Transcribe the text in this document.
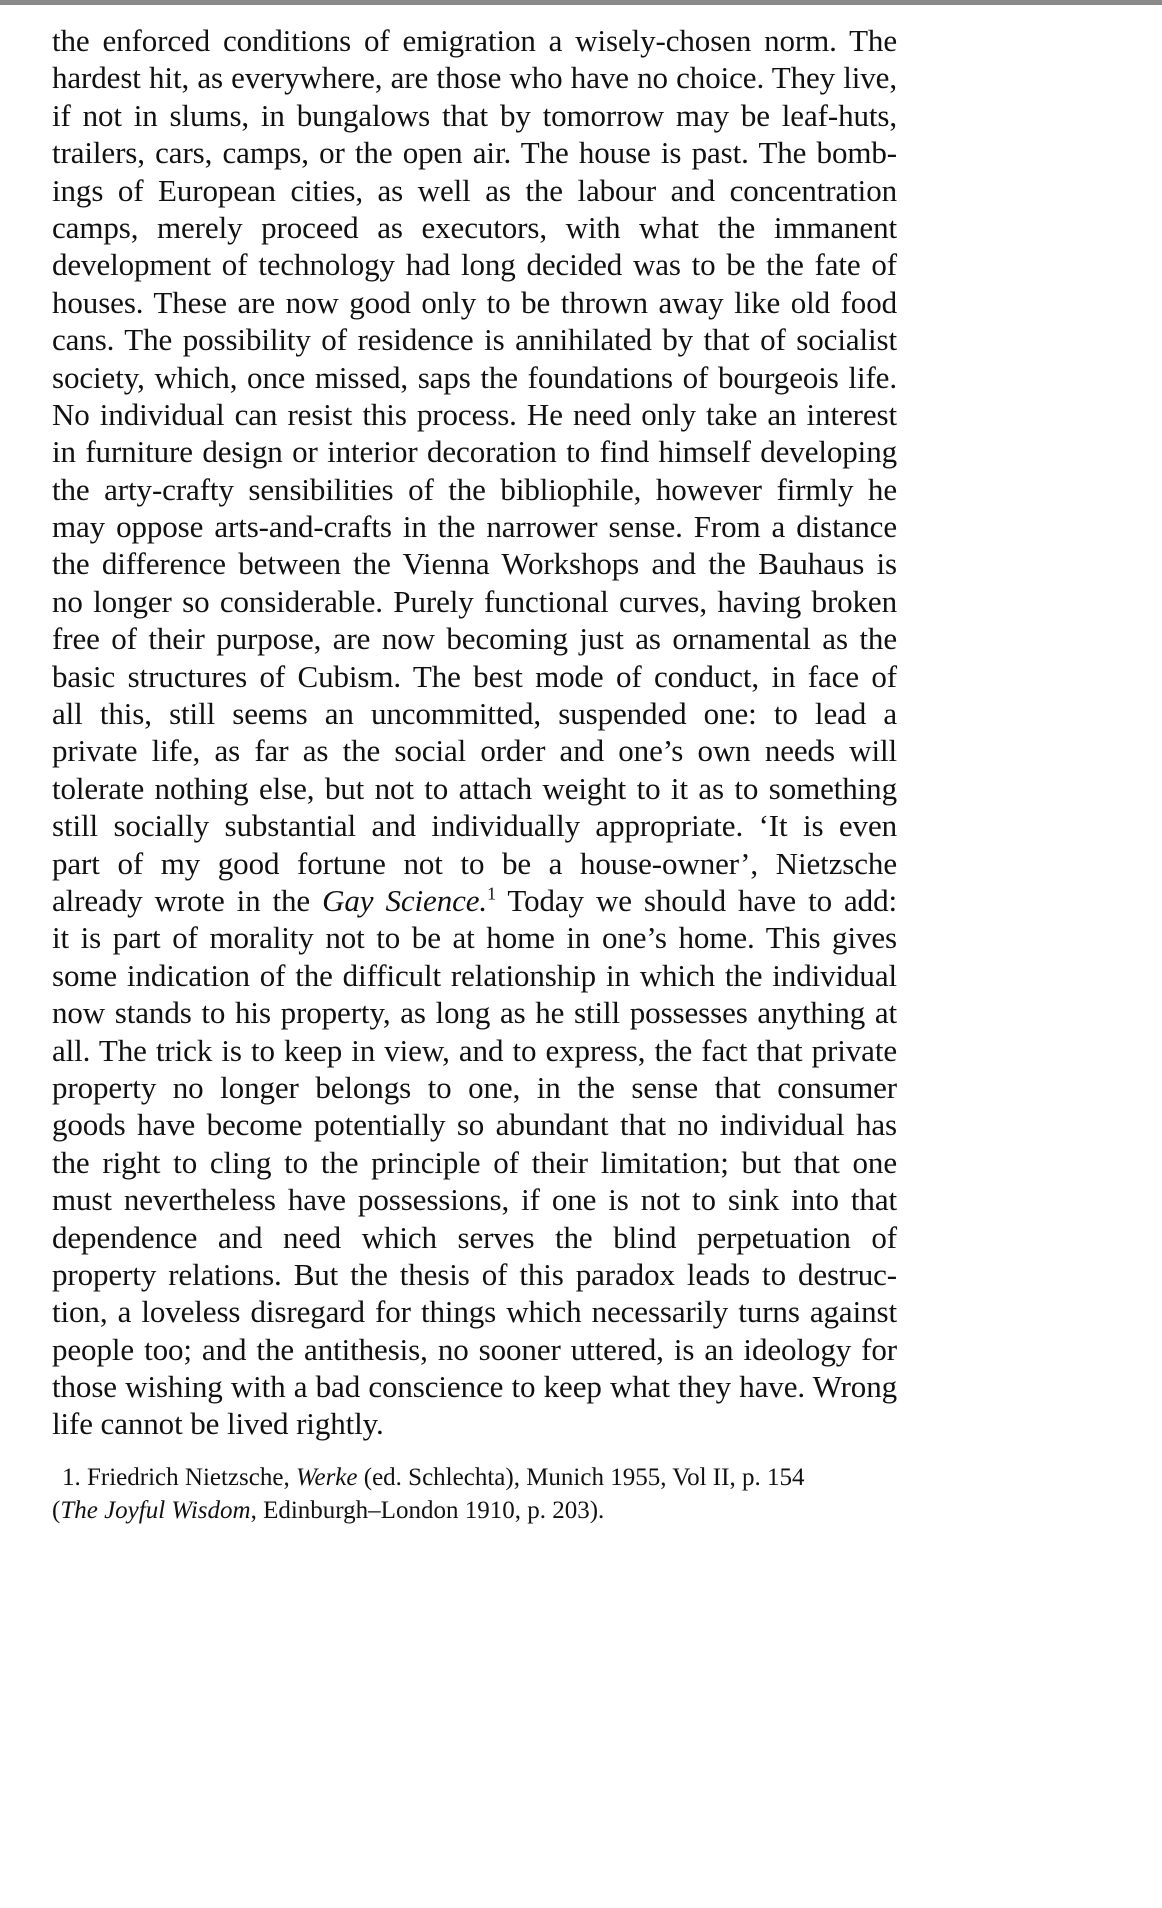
the enforced conditions of emigration a wisely-chosen norm. The
hardest hit, as everywhere, are those who have no choice. They live,
if not in slums, in bungalows that by tomorrow may be leaf-huts,
trailers, cars, camps, or the open air. The house is past. The bomb-
ings of European cities, as well as the labour and concentration
camps, merely proceed as executors, with what the immanent
development of technology had long decided was to be the fate of
houses. These are now good only to be thrown away like old food
cans. The possibility of residence is annihilated by that of socialist
society, which, once missed, saps the foundations of bourgeois life.
No individual can resist this process. He need only take an interest
in furniture design or interior decoration to find himself developing
the arty-crafty sensibilities of the bibliophile, however firmly he
may oppose arts-and-crafts in the narrower sense. From a distance
the difference between the Vienna Workshops and the Bauhaus is
no longer so considerable. Purely functional curves, having broken
free of their purpose, are now becoming just as ornamental as the
basic structures of Cubism. The best mode of conduct, in face of
all this, still seems an uncommitted, suspended one: to lead a
private life, as far as the social order and one’s own needs will
tolerate nothing else, but not to attach weight to it as to something
still socially substantial and individually appropriate. ‘It is even
part of my good fortune not to be a house-owner’, Nietzsche
already wrote in the Gay Science.$^1$ Today we should have to add:
it is part of morality not to be at home in one’s home. This gives
some indication of the difficult relationship in which the individual
now stands to his property, as long as he still possesses anything at
all. The trick is to keep in view, and to express, the fact that private
property no longer belongs to one, in the sense that consumer
goods have become potentially so abundant that no individual has
the right to cling to the principle of their limitation; but that one
must nevertheless have possessions, if one is not to sink into that
dependence and need which serves the blind perpetuation of
property relations. But the thesis of this paradox leads to destruc-
tion, a loveless disregard for things which necessarily turns against
people too; and the antithesis, no sooner uttered, is an ideology for
those wishing with a bad conscience to keep what they have. Wrong
life cannot be lived rightly.
1. Friedrich Nietzsche, Werke (ed. Schlechta), Munich 1955, Vol II, p. 154
(The Joyful Wisdom, Edinburgh–London 1910, p. 203).
